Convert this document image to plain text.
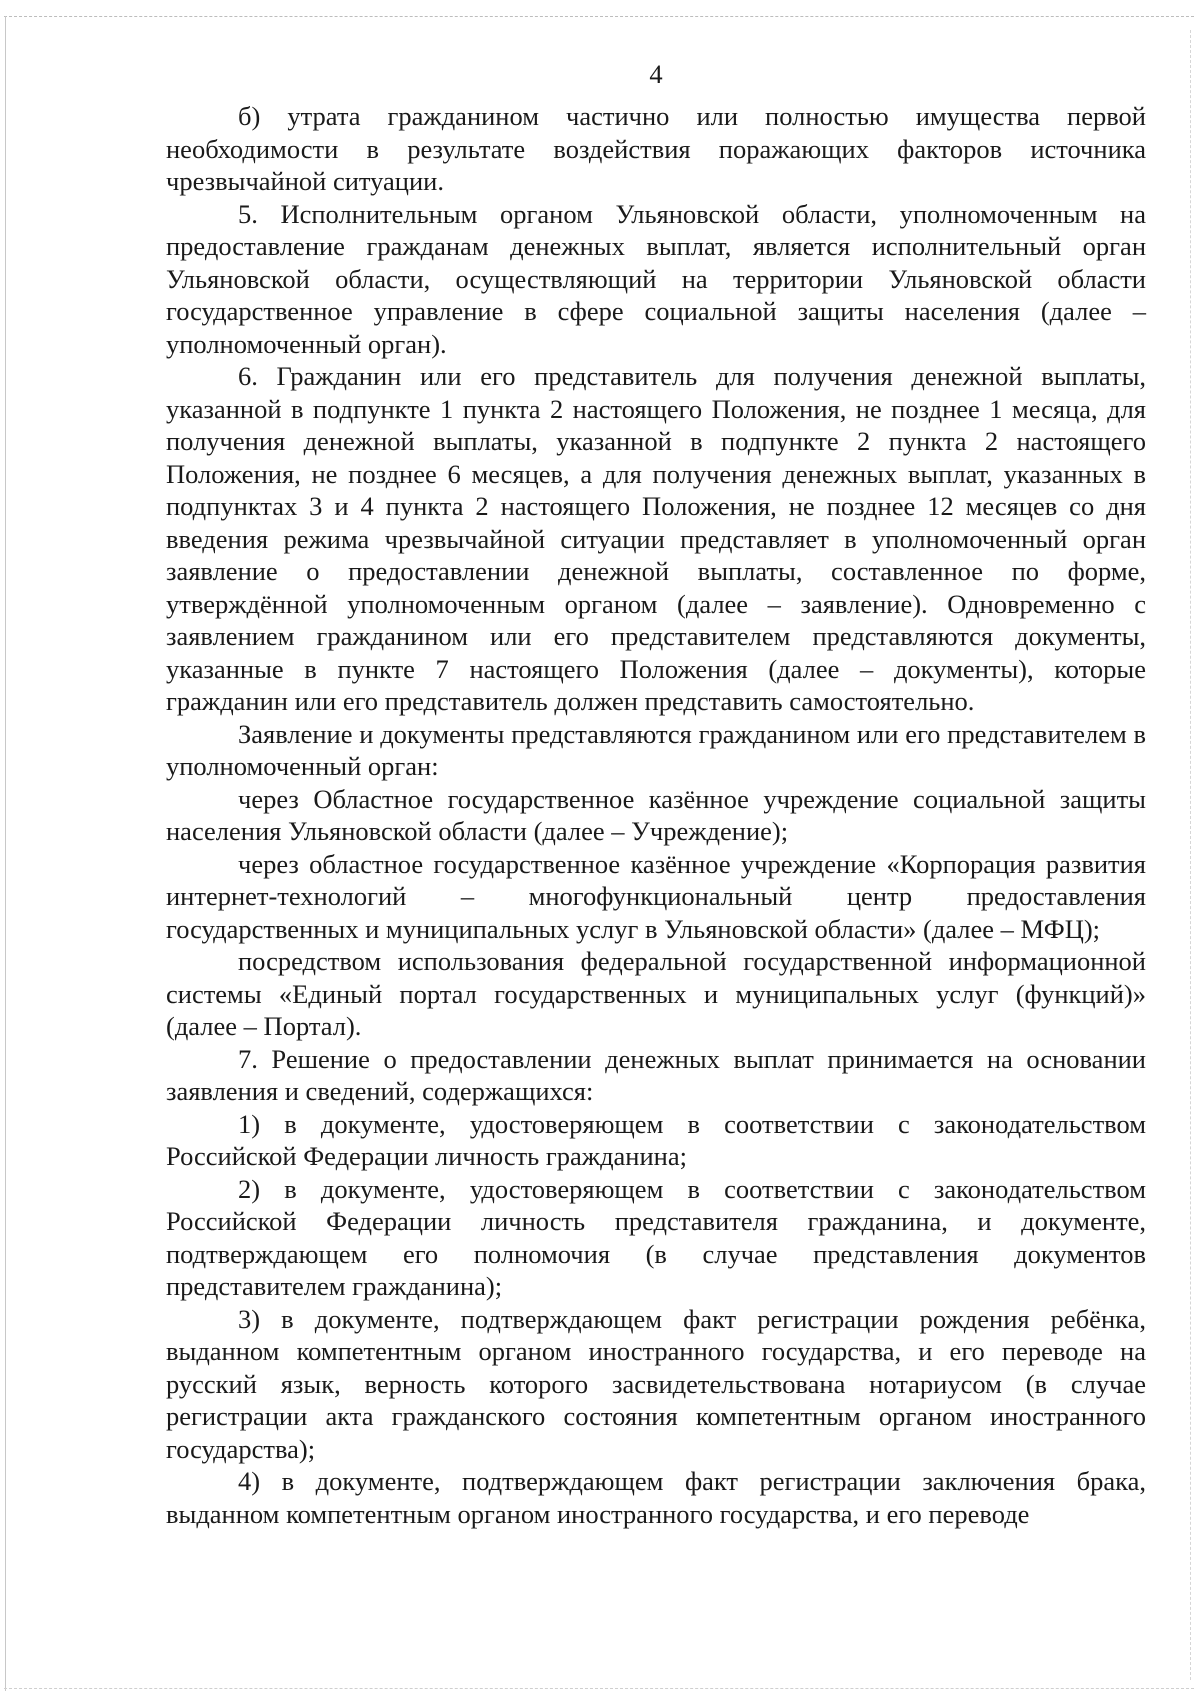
4

б) утрата гражданином частично или полностью имущества первой необходимости в результате воздействия поражающих факторов источника чрезвычайной ситуации.

5. Исполнительным органом Ульяновской области, уполномоченным на предоставление гражданам денежных выплат, является исполнительный орган Ульяновской области, осуществляющий на территории Ульяновской области государственное управление в сфере социальной защиты населения (далее – уполномоченный орган).

6. Гражданин или его представитель для получения денежной выплаты, указанной в подпункте 1 пункта 2 настоящего Положения, не позднее 1 месяца, для получения денежной выплаты, указанной в подпункте 2 пункта 2 настоящего Положения, не позднее 6 месяцев, а для получения денежных выплат, указанных в подпунктах 3 и 4 пункта 2 настоящего Положения, не позднее 12 месяцев со дня введения режима чрезвычайной ситуации представляет в уполномоченный орган заявление о предоставлении денежной выплаты, составленное по форме, утверждённой уполномоченным органом (далее – заявление). Одновременно с заявлением гражданином или его представителем представляются документы, указанные в пункте 7 настоящего Положения (далее – документы), которые гражданин или его представитель должен представить самостоятельно.

Заявление и документы представляются гражданином или его представителем в уполномоченный орган:

через Областное государственное казённое учреждение социальной защиты населения Ульяновской области (далее – Учреждение);

через областное государственное казённое учреждение «Корпорация развития интернет-технологий – многофункциональный центр предоставления государственных и муниципальных услуг в Ульяновской области» (далее – МФЦ);

посредством использования федеральной государственной информационной системы «Единый портал государственных и муниципальных услуг (функций)» (далее – Портал).

7. Решение о предоставлении денежных выплат принимается на основании заявления и сведений, содержащихся:

1) в документе, удостоверяющем в соответствии с законодательством Российской Федерации личность гражданина;

2) в документе, удостоверяющем в соответствии с законодательством Российской Федерации личность представителя гражданина, и документе, подтверждающем его полномочия (в случае представления документов представителем гражданина);

3) в документе, подтверждающем факт регистрации рождения ребёнка, выданном компетентным органом иностранного государства, и его переводе на русский язык, верность которого засвидетельствована нотариусом (в случае регистрации акта гражданского состояния компетентным органом иностранного государства);

4) в документе, подтверждающем факт регистрации заключения брака, выданном компетентным органом иностранного государства, и его переводе
